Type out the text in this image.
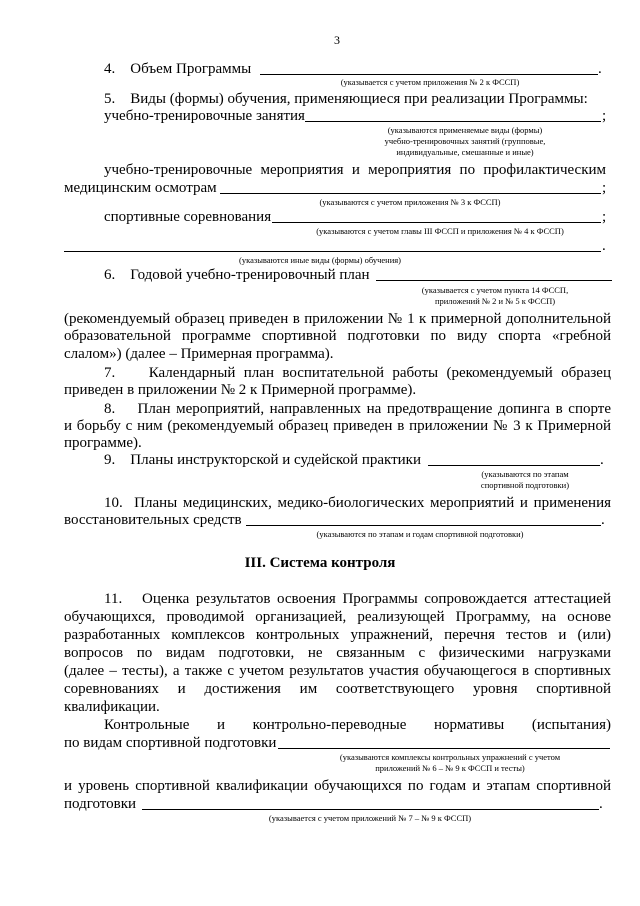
3
4.    Объем Программы	.
(указывается с учетом приложения № 2 к ФССП)
5.    Виды (формы) обучения, применяющиеся при реализации Программы:
учебно-тренировочные занятия	;
(указываются применяемые виды (формы)
учебно-тренировочных занятий (групповые,
индивидуальные, смешанные и иные)
учебно-тренировочные мероприятия и мероприятия по профилактическим
медицинским осмотрам	;
(указываются с учетом приложения № 3 к ФССП)
спортивные соревнования	;
(указываются с учетом главы III ФССП и приложения № 4 к ФССП)
.
(указываются иные виды (формы) обучения)
6.    Годовой учебно-тренировочный план
(указывается с учетом пункта 14 ФССП,
приложений № 2 и № 5 к ФССП)
(рекомендуемый образец приведен в приложении № 1 к примерной дополнительной
образовательной программе спортивной подготовки по виду спорта «гребной
слалом») (далее – Примерная программа).
7.    Календарный план воспитательной работы (рекомендуемый образец
приведен в приложении № 2 к Примерной программе).
8.    План мероприятий, направленных на предотвращение допинга в спорте
и борьбу с ним (рекомендуемый образец приведен в приложении № 3 к Примерной
программе).
9.    Планы инструкторской и судейской практики	.
(указываются по этапам
спортивной подготовки)
10.  Планы медицинских, медико-биологических мероприятий и применения
восстановительных средств	.
(указываются по этапам и годам спортивной подготовки)
III. Система контроля
11.   Оценка результатов освоения Программы сопровождается аттестацией
обучающихся, проводимой организацией, реализующей Программу, на основе
разработанных комплексов контрольных упражнений, перечня тестов и (или)
вопросов по видам подготовки, не связанным с физическими нагрузками
(далее – тесты), а также с учетом результатов участия обучающегося в спортивных
соревнованиях и достижения им соответствующего уровня спортивной
квалификации.
Контрольные и контрольно-переводные нормативы (испытания)
по видам спортивной подготовки
(указываются комплексы контрольных упражнений с учетом
приложений № 6 – № 9 к ФССП и тесты)
и уровень спортивной квалификации обучающихся по годам и этапам спортивной
подготовки	.
(указывается с учетом приложений № 7 – № 9 к ФССП)
